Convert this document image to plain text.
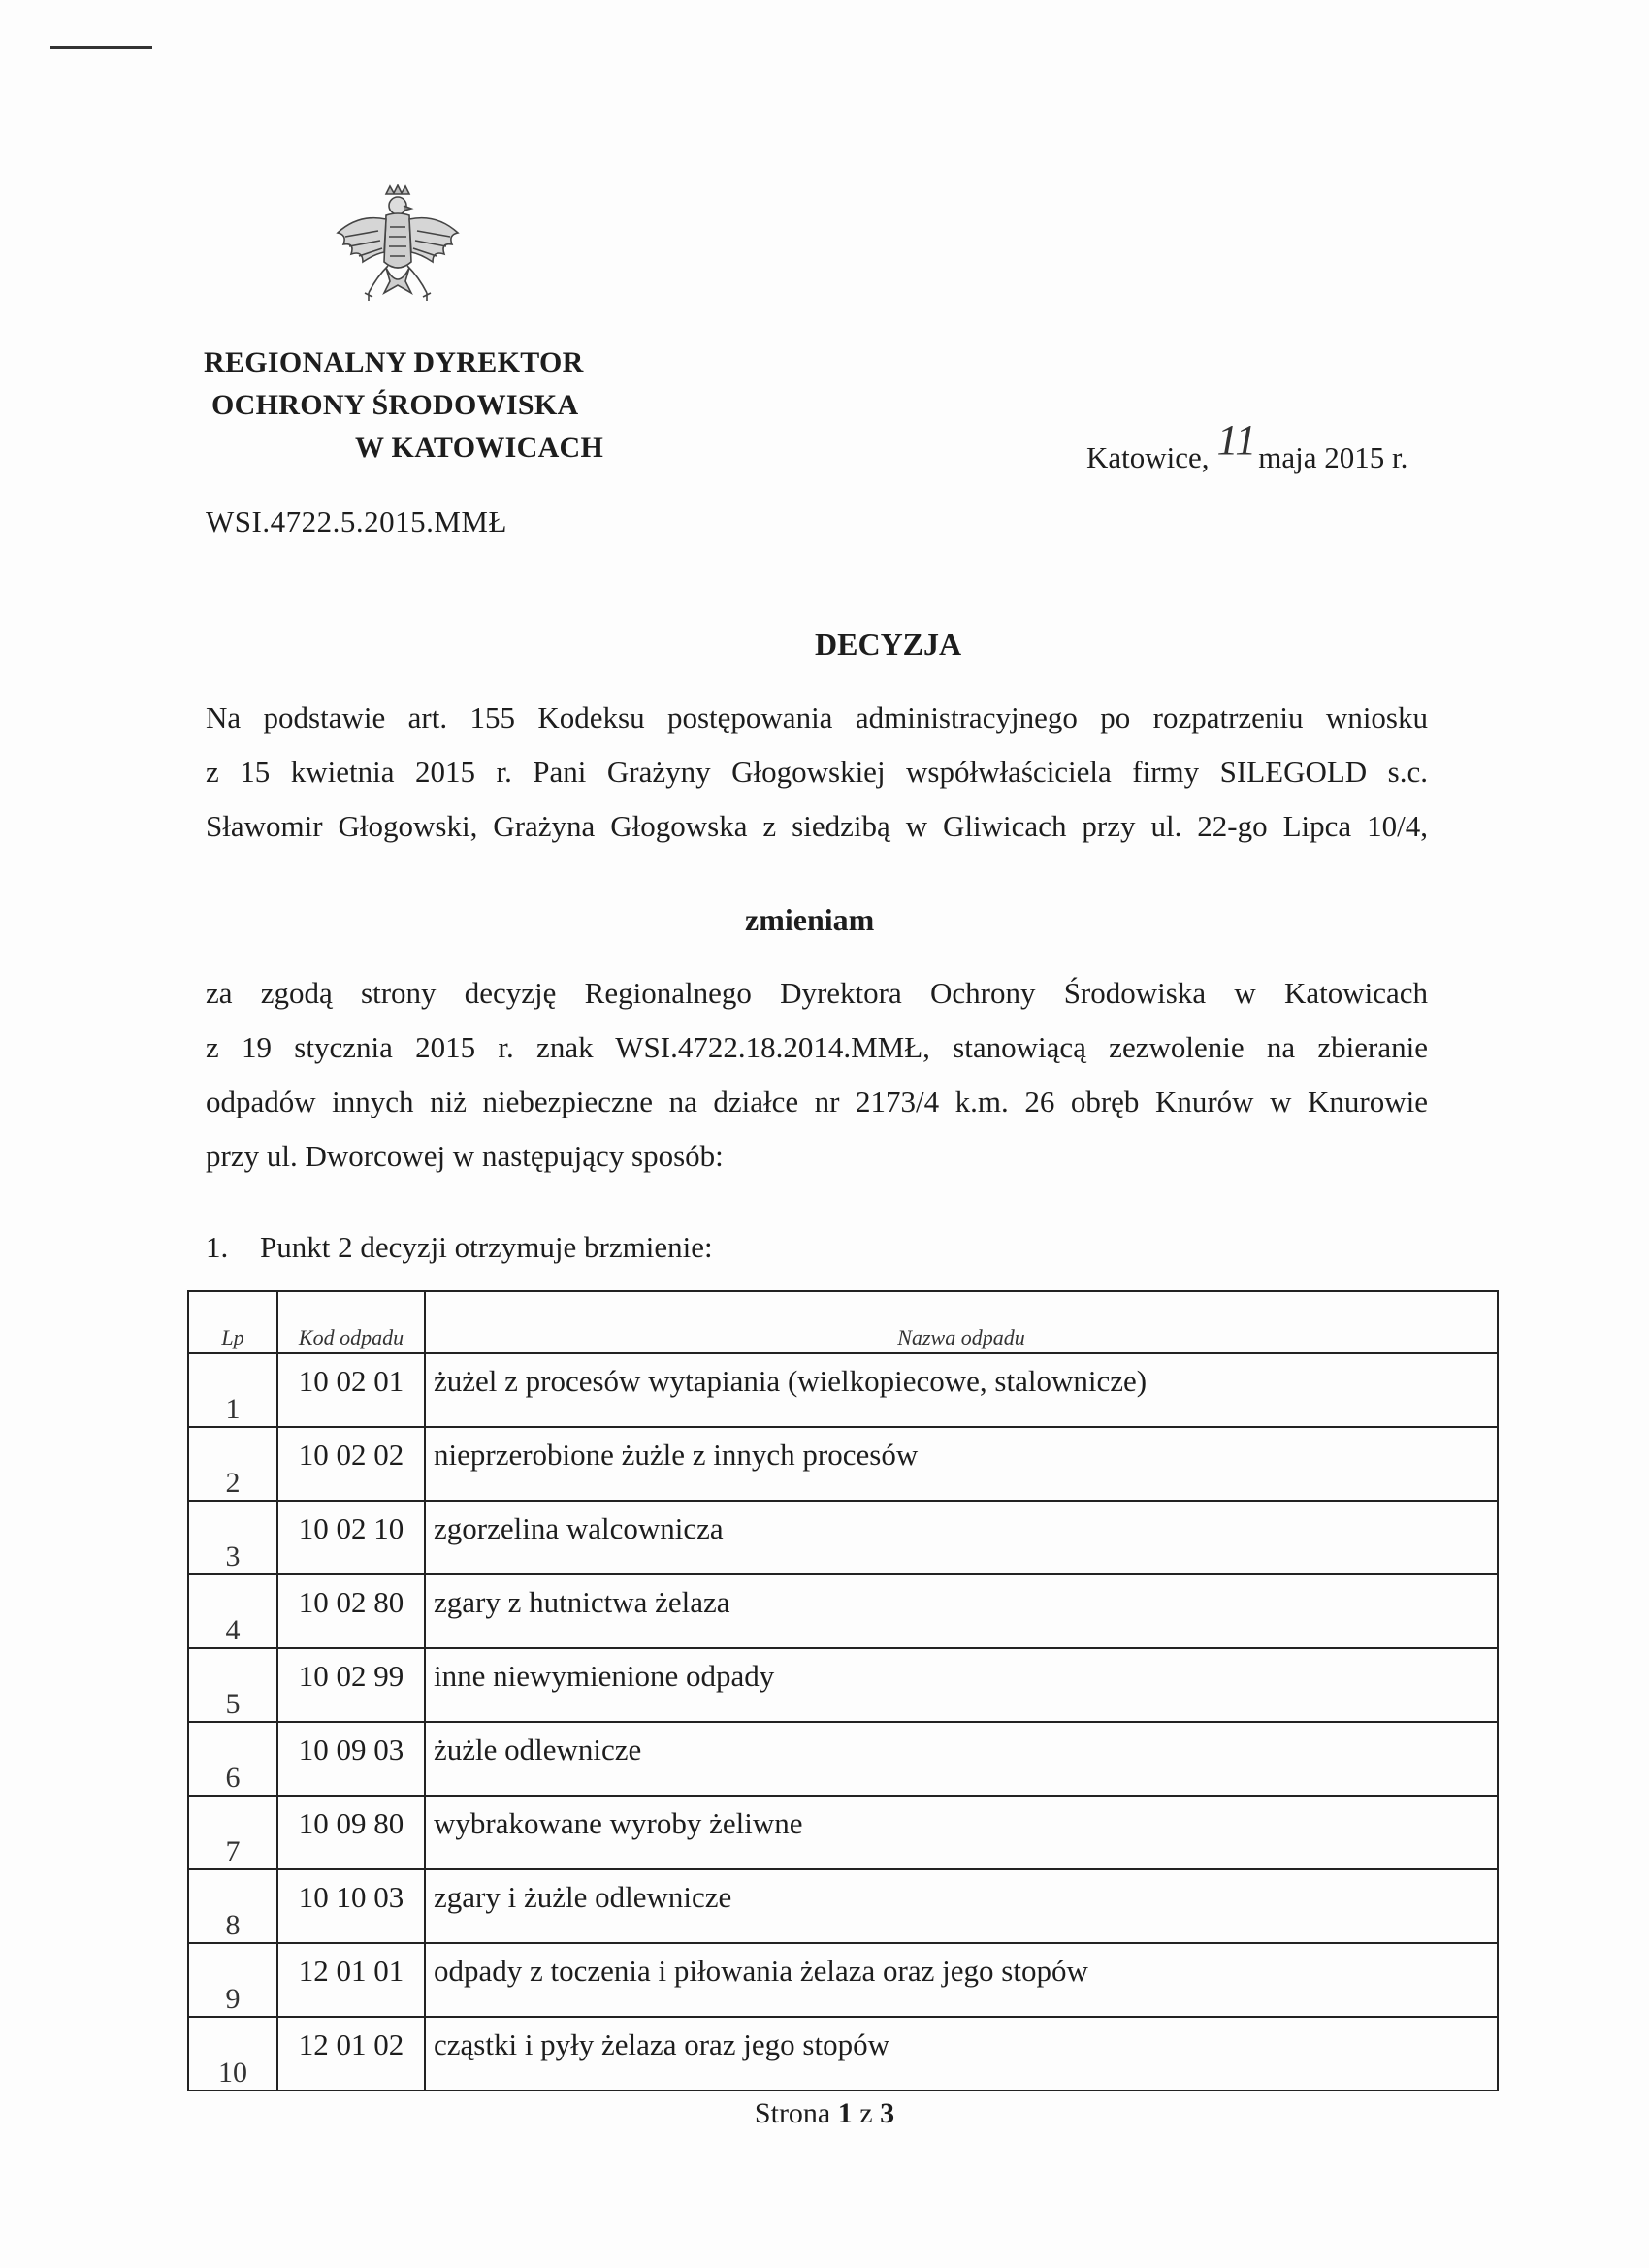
REGIONALNY DYREKTOR
OCHRONY ŚRODOWISKA
W KATOWICACH	Katowice, 11maja 2015 r.
WSI.4722.5.2015.MMŁ
DECYZJA
Na podstawie art. 155 Kodeksu postępowania administracyjnego po rozpatrzeniu wniosku
z 15 kwietnia 2015 r. Pani Grażyny Głogowskiej współwłaściciela firmy SILEGOLD s.c.
Sławomir Głogowski, Grażyna Głogowska z siedzibą w Gliwicach przy ul. 22-go Lipca 10/4,
zmieniam
za zgodą strony decyzję Regionalnego Dyrektora Ochrony Środowiska w Katowicach
z 19 stycznia 2015 r. znak WSI.4722.18.2014.MMŁ, stanowiącą zezwolenie na zbieranie
odpadów innych niż niebezpieczne na działce nr 2173/4 k.m. 26 obręb Knurów w Knurowie
przy ul. Dworcowej w następujący sposób:
1. Punkt 2 decyzji otrzymuje brzmienie:
Lp	Kod odpadu	Nazwa odpadu
1	10 02 01	żużel z procesów wytapiania (wielkopiecowe, stalownicze)
2	10 02 02	nieprzerobione żużle z innych procesów
3	10 02 10	zgorzelina walcownicza
4	10 02 80	zgary z hutnictwa żelaza
5	10 02 99	inne niewymienione odpady
6	10 09 03	żużle odlewnicze
7	10 09 80	wybrakowane wyroby żeliwne
8	10 10 03	zgary i żużle odlewnicze
9	12 01 01	odpady z toczenia i piłowania żelaza oraz jego stopów
10	12 01 02	cząstki i pyły żelaza oraz jego stopów
Strona 1 z 3
